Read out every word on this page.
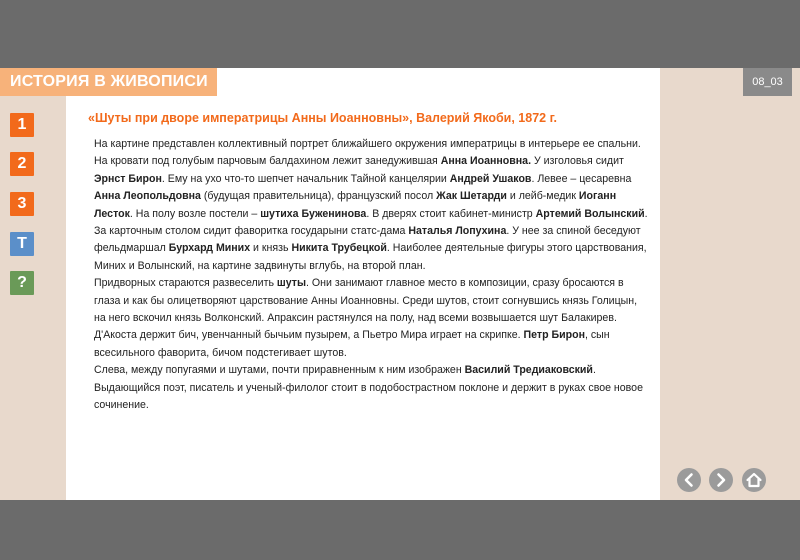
ИСТОРИЯ В ЖИВОПИСИ	08_03
1
2
3
T
?
«Шуты при дворе императрицы Анны Иоанновны», Валерий Якоби, 1872 г.

На картине представлен коллективный портрет ближайшего окружения императрицы в интерьере ее спальни. На кровати под голубым парчовым балдахином лежит занедужившая Анна Иоанновна. У изголовья сидит Эрнст Бирон. Ему на ухо что-то шепчет начальник Тайной канцелярии Андрей Ушаков. Левее – цесаревна Анна Леопольдовна (будущая правительница), французский посол Жак Шетарди и лейб-медик Иоганн Лесток. На полу возле постели – шутиха Буженинова. В дверях стоит кабинет-министр Артемий Волынский. За карточным столом сидит фаворитка государыни статс-дама Наталья Лопухина. У нее за спиной беседуют фельдмаршал Бурхард Миних и князь Никита Трубецкой. Наиболее деятельные фигуры этого царствования, Миних и Волынский, на картине задвинуты вглубь, на второй план.

Придворных стараются развеселить шуты. Они занимают главное место в композиции, сразу бросаются в глаза и как бы олицетворяют царствование Анны Иоанновны. Среди шутов, стоит согнувшись князь Голицын, на него вскочил князь Волконский. Апраксин растянулся на полу, над всеми возвышается шут Балакирев. Д'Акоста держит бич, увенчанный бычьим пузырем, а Пьетро Мира играет на скрипке. Петр Бирон, сын всесильного фаворита, бичом подстегивает шутов.

Слева, между попугаями и шутами, почти приравненным к ним изображен Василий Тредиаковский. Выдающийся поэт, писатель и ученый-филолог стоит в подобострастном поклоне и держит в руках свое новое сочинение.
